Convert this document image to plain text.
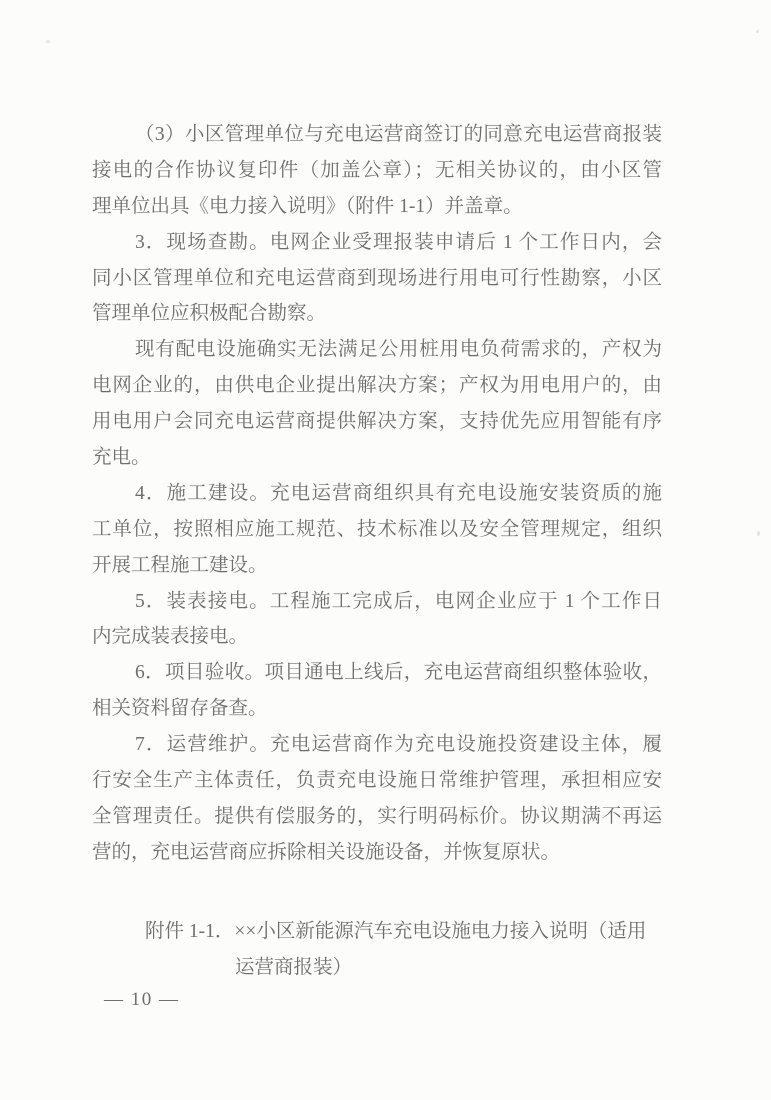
（3）小区管理单位与充电运营商签订的同意充电运营商报装
接电的合作协议复印件（加盖公章）；无相关协议的，由小区管
理单位出具《电力接入说明》（附件 1-1）并盖章。
3．现场查勘。电网企业受理报装申请后 1 个工作日内，会
同小区管理单位和充电运营商到现场进行用电可行性勘察，小区
管理单位应积极配合勘察。
现有配电设施确实无法满足公用桩用电负荷需求的，产权为
电网企业的，由供电企业提出解决方案；产权为用电用户的，由
用电用户会同充电运营商提供解决方案，支持优先应用智能有序
充电。
4．施工建设。充电运营商组织具有充电设施安装资质的施
工单位，按照相应施工规范、技术标准以及安全管理规定，组织
开展工程施工建设。
5．装表接电。工程施工完成后，电网企业应于 1 个工作日
内完成装表接电。
6．项目验收。项目通电上线后，充电运营商组织整体验收，
相关资料留存备查。
7．运营维护。充电运营商作为充电设施投资建设主体，履
行安全生产主体责任，负责充电设施日常维护管理，承担相应安
全管理责任。提供有偿服务的，实行明码标价。协议期满不再运
营的，充电运营商应拆除相关设施设备，并恢复原状。
附件 1-1．××小区新能源汽车充电设施电力接入说明（适用
运营商报装）
— 10 —
